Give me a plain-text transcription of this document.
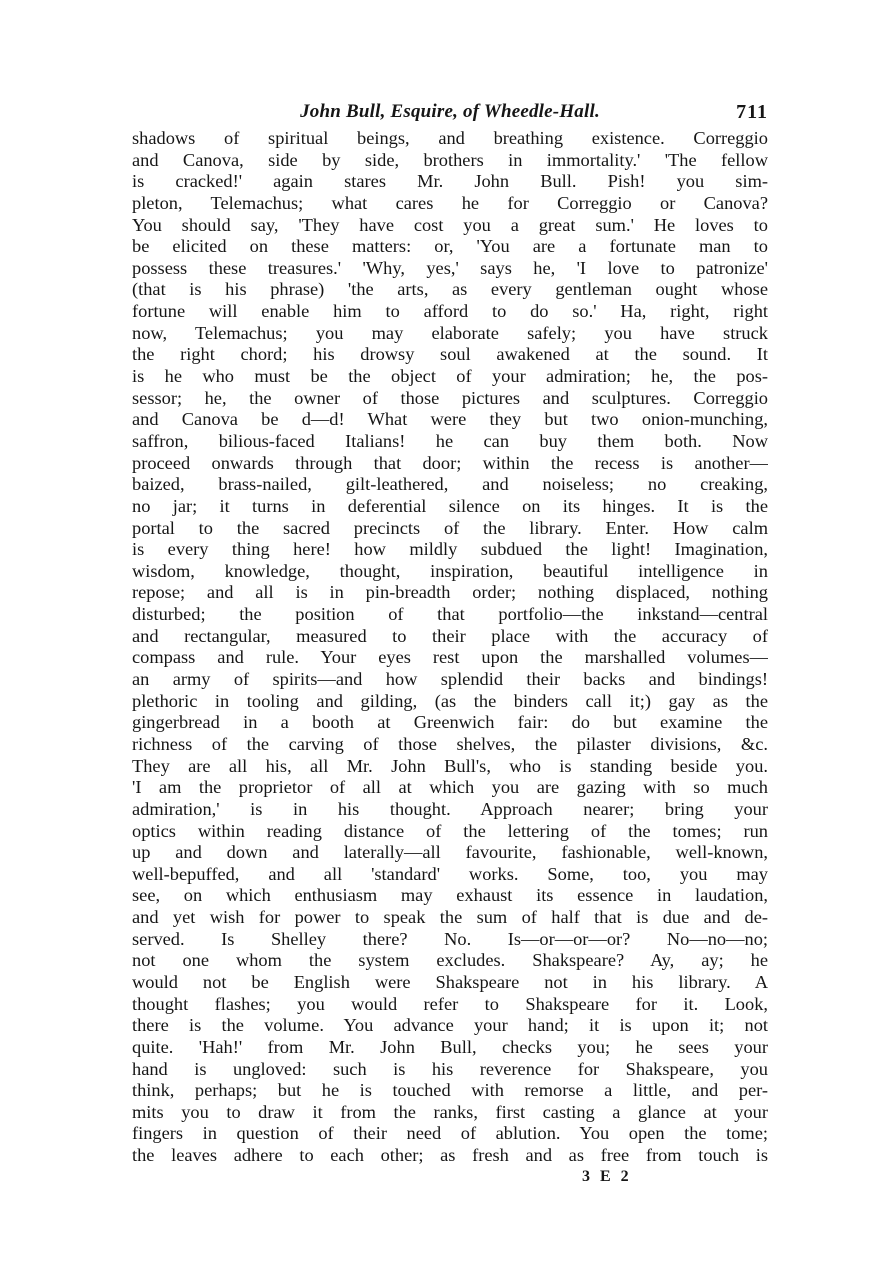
John Bull, Esquire, of Wheedle-Hall.	711
shadows of spiritual beings, and breathing existence. Correggio
and Canova, side by side, brothers in immortality.' 'The fellow
is cracked!' again stares Mr. John Bull. Pish! you sim-
pleton, Telemachus; what cares he for Correggio or Canova?
You should say, 'They have cost you a great sum.' He loves to
be elicited on these matters: or, 'You are a fortunate man to
possess these treasures.' 'Why, yes,' says he, 'I love to patronize'
(that is his phrase) 'the arts, as every gentleman ought whose
fortune will enable him to afford to do so.' Ha, right, right
now, Telemachus; you may elaborate safely; you have struck
the right chord; his drowsy soul awakened at the sound. It
is he who must be the object of your admiration; he, the pos-
sessor; he, the owner of those pictures and sculptures. Correggio
and Canova be d—d! What were they but two onion-munching,
saffron, bilious-faced Italians! he can buy them both. Now
proceed onwards through that door; within the recess is another—
baized, brass-nailed, gilt-leathered, and noiseless; no creaking,
no jar; it turns in deferential silence on its hinges. It is the
portal to the sacred precincts of the library. Enter. How calm
is every thing here! how mildly subdued the light! Imagination,
wisdom, knowledge, thought, inspiration, beautiful intelligence in
repose; and all is in pin-breadth order; nothing displaced, nothing
disturbed; the position of that portfolio—the inkstand—central
and rectangular, measured to their place with the accuracy of
compass and rule. Your eyes rest upon the marshalled volumes—
an army of spirits—and how splendid their backs and bindings!
plethoric in tooling and gilding, (as the binders call it;) gay as the
gingerbread in a booth at Greenwich fair: do but examine the
richness of the carving of those shelves, the pilaster divisions, &c.
They are all his, all Mr. John Bull's, who is standing beside you.
'I am the proprietor of all at which you are gazing with so much
admiration,' is in his thought. Approach nearer; bring your
optics within reading distance of the lettering of the tomes; run
up and down and laterally—all favourite, fashionable, well-known,
well-bepuffed, and all 'standard' works. Some, too, you may
see, on which enthusiasm may exhaust its essence in laudation,
and yet wish for power to speak the sum of half that is due and de-
served. Is Shelley there? No. Is—or—or—or? No—no—no;
not one whom the system excludes. Shakspeare? Ay, ay; he
would not be English were Shakspeare not in his library. A
thought flashes; you would refer to Shakspeare for it. Look,
there is the volume. You advance your hand; it is upon it; not
quite. 'Hah!' from Mr. John Bull, checks you; he sees your
hand is ungloved: such is his reverence for Shakspeare, you
think, perhaps; but he is touched with remorse a little, and per-
mits you to draw it from the ranks, first casting a glance at your
fingers in question of their need of ablution. You open the tome;
the leaves adhere to each other; as fresh and as free from touch is
3 E 2
